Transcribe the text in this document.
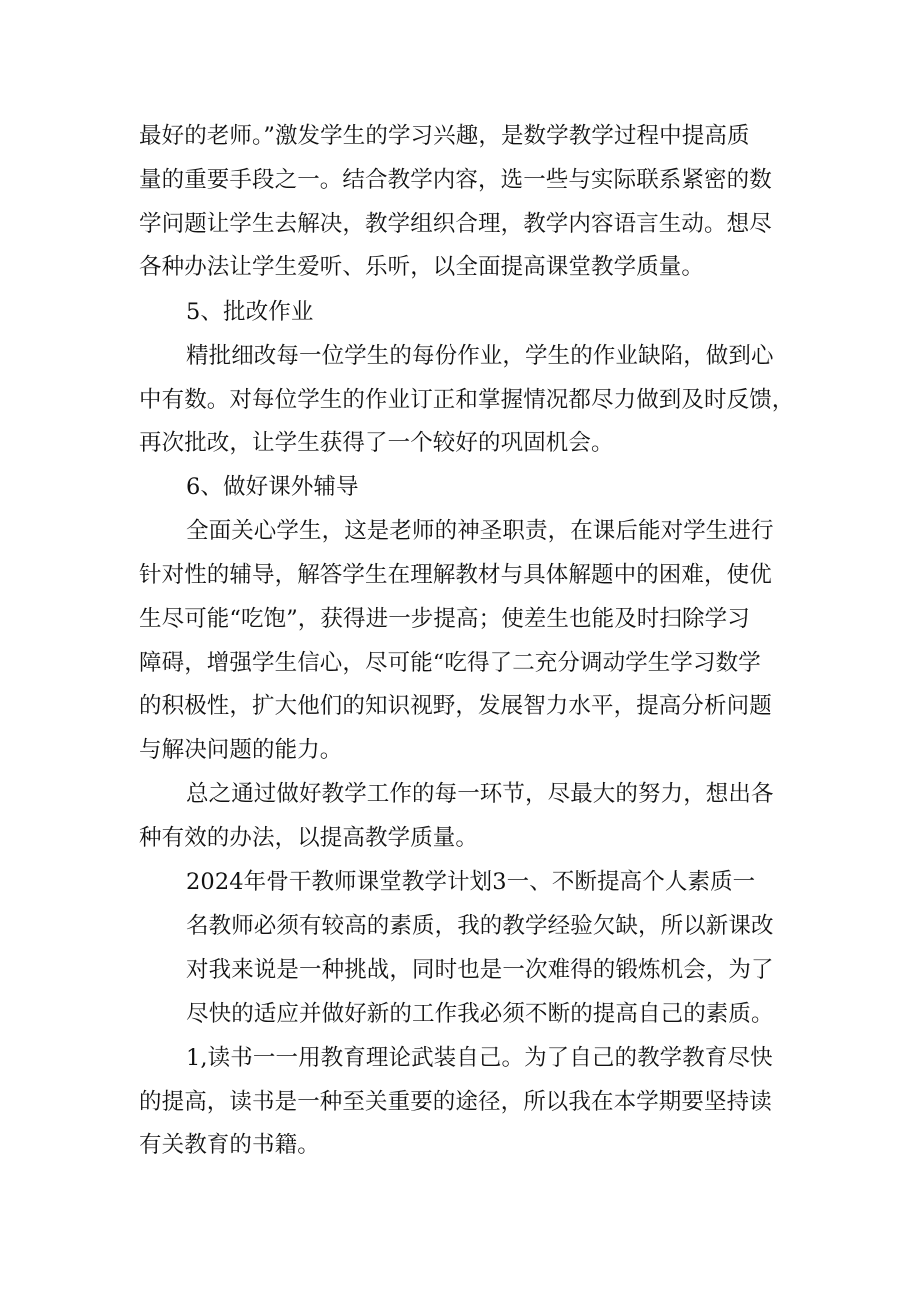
最好的老师。”激发学生的学习兴趣，是数学教学过程中提高质
量的重要手段之一。结合教学内容，选一些与实际联系紧密的数
学问题让学生去解决，教学组织合理，教学内容语言生动。想尽
各种办法让学生爱听、乐听，以全面提高课堂教学质量。
5、批改作业
精批细改每一位学生的每份作业，学生的作业缺陷，做到心
中有数。对每位学生的作业订正和掌握情况都尽力做到及时反馈，
再次批改，让学生获得了一个较好的巩固机会。
6、做好课外辅导
全面关心学生，这是老师的神圣职责，在课后能对学生进行
针对性的辅导，解答学生在理解教材与具体解题中的困难，使优
生尽可能“吃饱”，获得进一步提高；使差生也能及时扫除学习
障碍，增强学生信心，尽可能“吃得了二充分调动学生学习数学
的积极性，扩大他们的知识视野，发展智力水平，提高分析问题
与解决问题的能力。
总之通过做好教学工作的每一环节，尽最大的努力，想出各
种有效的办法，以提高教学质量。
2024年骨干教师课堂教学计划3一、不断提高个人素质一
名教师必须有较高的素质，我的教学经验欠缺，所以新课改
对我来说是一种挑战，同时也是一次难得的锻炼机会，为了
尽快的适应并做好新的工作我必须不断的提高自己的素质。
1,读书一一用教育理论武装自己。为了自己的教学教育尽快
的提高，读书是一种至关重要的途径，所以我在本学期要坚持读
有关教育的书籍。
